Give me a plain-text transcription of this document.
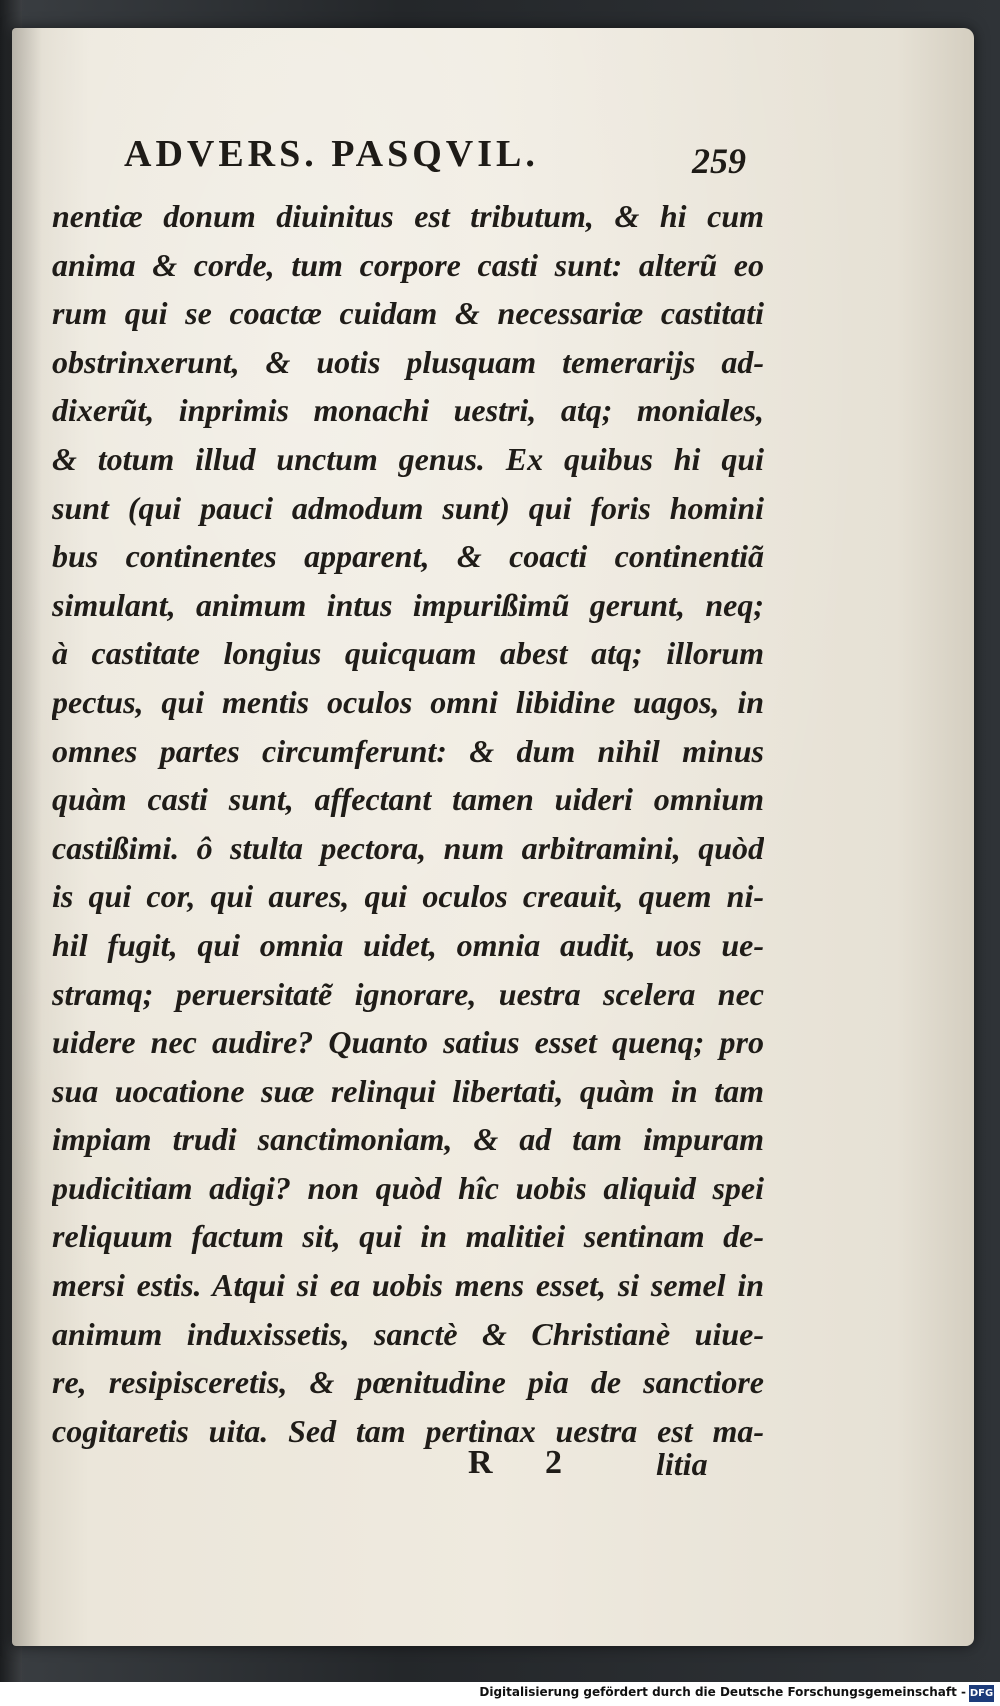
ADVERS. PASQVIL.	259
nentiæ donum diuinitus est tributum, & hi cum
anima & corde, tum corpore casti sunt: alterũ eo
rum qui se coactæ cuidam & necessariæ castitati
obstrinxerunt, & uotis plusquam temerarijs ad-
dixerũt, inprimis monachi uestri, atq; moniales,
& totum illud unctum genus. Ex quibus hi qui
sunt (qui pauci admodum sunt) qui foris homini
bus continentes apparent, & coacti continentiã
simulant, animum intus impurißimũ gerunt, neq;
à castitate longius quicquam abest atq; illorum
pectus, qui mentis oculos omni libidine uagos, in
omnes partes circumferunt: & dum nihil minus
quàm casti sunt, affectant tamen uideri omnium
castißimi. ô stulta pectora, num arbitramini, quòd
is qui cor, qui aures, qui oculos creauit, quem ni-
hil fugit, qui omnia uidet, omnia audit, uos ue-
stramq; peruersitatẽ ignorare, uestra scelera nec
uidere nec audire? Quanto satius esset quenq; pro
sua uocatione suæ relinqui libertati, quàm in tam
impiam trudi sanctimoniam, & ad tam impuram
pudicitiam adigi? non quòd hîc uobis aliquid spei
reliquum factum sit, qui in malitiei sentinam de-
mersi estis. Atqui si ea uobis mens esset, si semel in
animum induxissetis, sanctè & Christianè uiue-
re, resipisceretis, & pœnitudine pia de sanctiore
cogitaretis uita. Sed tam pertinax uestra est ma-
R 2 litia
Digitalisierung gefördert durch die Deutsche Forschungsgemeinschaft - DFG
